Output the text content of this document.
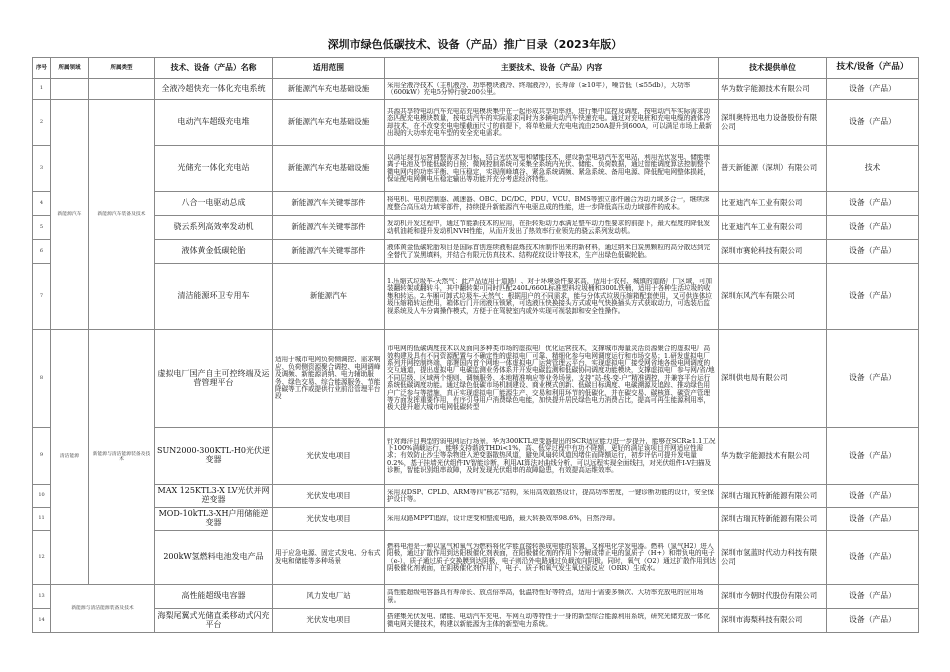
深圳市绿色低碳技术、设备（产品）推广目录（2023年版）
序号	所属领域	所属类型	技术、设备（产品）名称	适用范围	主要技术、设备（产品）内容	技术提供单位	技术/设备（产品）
1			全液冷超快充一体化充电系统	新能源汽车充电基础设施	采用全液冷技术（主机液冷、功率模块液冷、终端液冷），长寿命（≥10年），噪音低（≤55db），大功率（600kW）充电5分钟行驶200公里。	华为数字能源技术有限公司	设备（产品）
2	新能源汽车	新能源汽车装备及技术	电动汽车超级充电堆	新能源汽车充电基础设施	共源共享特电动汽车充电站充电模块集中在一起形成共享功率池，进行集中监控及调度，按电动汽车实际需求动态匹配充电模块数量，按电动汽车的实际需求同时为多辆电动汽车快速充电。通过对充电桩和充电电缆的液体冷却技术，在不改变充电电缆截面尺寸的前提下，将单枪最大充电电流由250A提升到600A，可以满足市场上最新出现的大功率充电车型的安全充电需求。	深圳奥特迅电力设备股份有限公司	设备（产品）
3			光储充一体化充电站	新能源汽车充电基础设施	以满足现有运营调整需求为目标，结合光伏发电和储能技术，建设新型电动汽车充电站，利用光伏发电、储能锂离子电池及节能低碳的日照；微网控制系统可采集全系统内光伏、储能、负荷数据，通过智能调度算法控制整个微电网内的功率平衡、电压稳定，实现削峰填谷、紧急系统调频、紧急系统、备用电源、降低配电网整体损耗，保证配电网侧电压稳定输出等功能并充分考虑经济特性。	普天新能源（深圳）有限公司	技术
4			八合一电驱动总成	新能源汽车关键零部件	将电机、电机控制器、减速器、OBC、DC/DC、PDU、VCU、BMS等独立部件融合为动力域多合一，继续深度整合高压动力域零部件，持续提升新能源汽车电驱总成的性能，进一步降低高压动力域部件的成本。	比亚迪汽车工业有限公司	设备（产品）
5			骁云系列高效率发动机	新能源汽车关键零部件	发动机开发过程中，通过节能新技术的应用，在拒转矩动力承满足整车动力性要求的前提下，最大程度的降低发动机油耗和提升发动机NVH性能，从而开发出了热效率行业领先的骁云系列发动机。	比亚迪汽车工业有限公司	设备（产品）
6			液体黄金低碳轮胎	新能源汽车关键零部件	液体黄金低碳轮胎项目是国际首创连续液相混炼技术所制作出来的新材料，通过纳米白炭黑颗粒的高分散达到完全替代了炭黑填料，并结合有限元仿真技术、结构花纹设计等技术，生产出绿色低碳轮胎。	深圳市赛轮科技有限公司	设备（产品）
7			清洁能源环卫专用车	新能源汽车	1.压缩式垃圾车-天然气：此产品适用于道路厂、对于环境条件要求高，适用于农村、城镇的道路厂广区域，可加装翻转架或翻转斗，其中翻转架可同时匹配240L/660L标准塑料垃圾桶和300L铁桶，适用于各种生活垃圾的收集和转运。2.车厢可卸式垃圾车-天然气：根据用户的不同需求，能与分体式垃圾压缩箱配套使用，又可供连体垃圾压缩箱转运使用，箱体后门开闭液压锁紧，可选液压快换接头方式或电气快换插头方式获取动力，可选装后监视系统及人车分离操作模式，方便于在驾驶室内或外实现可视装卸和安全性操作。	深圳东风汽车有限公司	设备（产品）
8	清洁能源	新能源与清洁能源装备及技术	虚拟电厂国产自主可控终端及运营管理平台	适用于城市电网负荷侧调控、需求响应、负荷侧资源聚合调控、电网调峰及调频、新能源消纳、电力辅助服务、绿色交易、综合能源服务、节能降碳等工作或提供行业前沿管理平台段	市电网的低碳调度技术以及面向多种类市场的虚拟电厂优化运营技术，支撑城市海量灵活资源聚合的虚拟电厂高效构建及具有不同资源配置与不确定性的虚拟电厂可靠、精细化参与电网调度运行和市场交易；1.研发虚拟电厂系列并网控制终端，部署国内首个网地一体虚拟电厂运营管理云平台，实现虚拟电厂接受网省地各级电网调度的交互通道，提出虚拟电厂电碳监测业务体系并开发电碳监测和低碳协同调度功能模块，支撑虚拟电厂参与网/省/地不同层级、区域两个细则、调频服务、本地精准响应等业务场景，支持“站-线-变-户”精准调控，并兼容平台运行系统低碳调度功能。通过绿色低碳市场机制建设、商业模式创新、低碳目标调度、电碳溯源及追踪、推动绿色用户广泛参与等措施，真正实现虚拟电厂能源生产、交易和利用环节的低碳化，并在碳交易、碳核算、碳资产管理等方面发挥重要作用，有序引导用户消费绿色电能，加快提升居民绿色电力消费占比，提高可再生能源利用率，极大提升超大城市电网低碳转型	深圳供电局有限公司	设备（产品）
9			SUN2000-300KTL-H0光伏逆变器	光伏发电项目	针对海洋目典型的弱电网运行场景，华为300KTL逆变器提出的SCR适应能力进一步提升，能够在SCR≥1.1工况下100%满载运行，能够支持谐波THDi<1%，高、低穿过程中有功不降额，更好的满足该项目并网适应性需求；有效防止沙尘等杂物进入逆变器散热风道，避免风扇转风道因堵住而降额运行，初步评估可提升发电量0.2%，基于挂墙光伏组件IV智能诊断，利用AI算法对曲线分析，可以远程实现全面线扫，对光伏组件I-V扫描及诊断，智能识别组串故障，及时发现光伏组串的故障隐患，有效提高运维效率。	华为数字能源技术有限公司	设备（产品）
10			MAX 125KTL3-X LV光伏并网逆变器	光伏发电项目	采用双DSP、CPLD、ARM等四“核芯”结构，采用高效散热设计，提高功率密度，一键诊断功能的设计，安全保护设计等。	深圳古瑞瓦特新能源有限公司	设备（产品）
11			MOD-10kTL3-XH户用储能逆变器	光伏发电项目	采用双路MPPT追踪，设计逆变和整流电路，最大转换效率98.6%，自然冷却。	深圳古瑞瓦特新能源有限公司	设备（产品）
12			200kW氢燃料电池发电产品	用于应急电源、固定式发电、分布式发电和储能等多种场景	燃料电池是一种以氢气和氧气为燃料将化学能直接转换成电能的装置，又称电化学发电器。燃料（氢气H2）进入阳极，通过扩散作用到达阳极催化剂表面，在阳极催化剂的作用下分解成带正电的氢质子（H+）和带负电的电子（e-），质子通过质子交换膜到达阴极，电子则沿外电路通过负载流向阴极。同时，氧气（O2）通过扩散作用到达阴极催化剂表面，在阴极催化剂作用下，电子、质子和氧气发生氧还原反应（ORR）生成水。	深圳市氢蓝时代动力科技有限公司	设备（产品）
13	新能源与清洁能源装备及技术		高性能超级电容器	风力发电厂站	高性能超级电容器具有寿命长、放点倍率高，低温特性好等特点，适用于需要多频次、大功率充放电的应用场景。	深圳市今朝时代股份有限公司	设备（产品）
14			海梨尾翼式光储直柔移动式闪充平台	光伏发电项目	搭建集光伏发电、储能、电动汽车充电、车网互动等特性于一身的新型综合能源利用系统，研究光储充放一体化微电网关键技术，构建以新能源为主体的新型电力系统。	深圳市海梨科技有限公司	设备（产品）
